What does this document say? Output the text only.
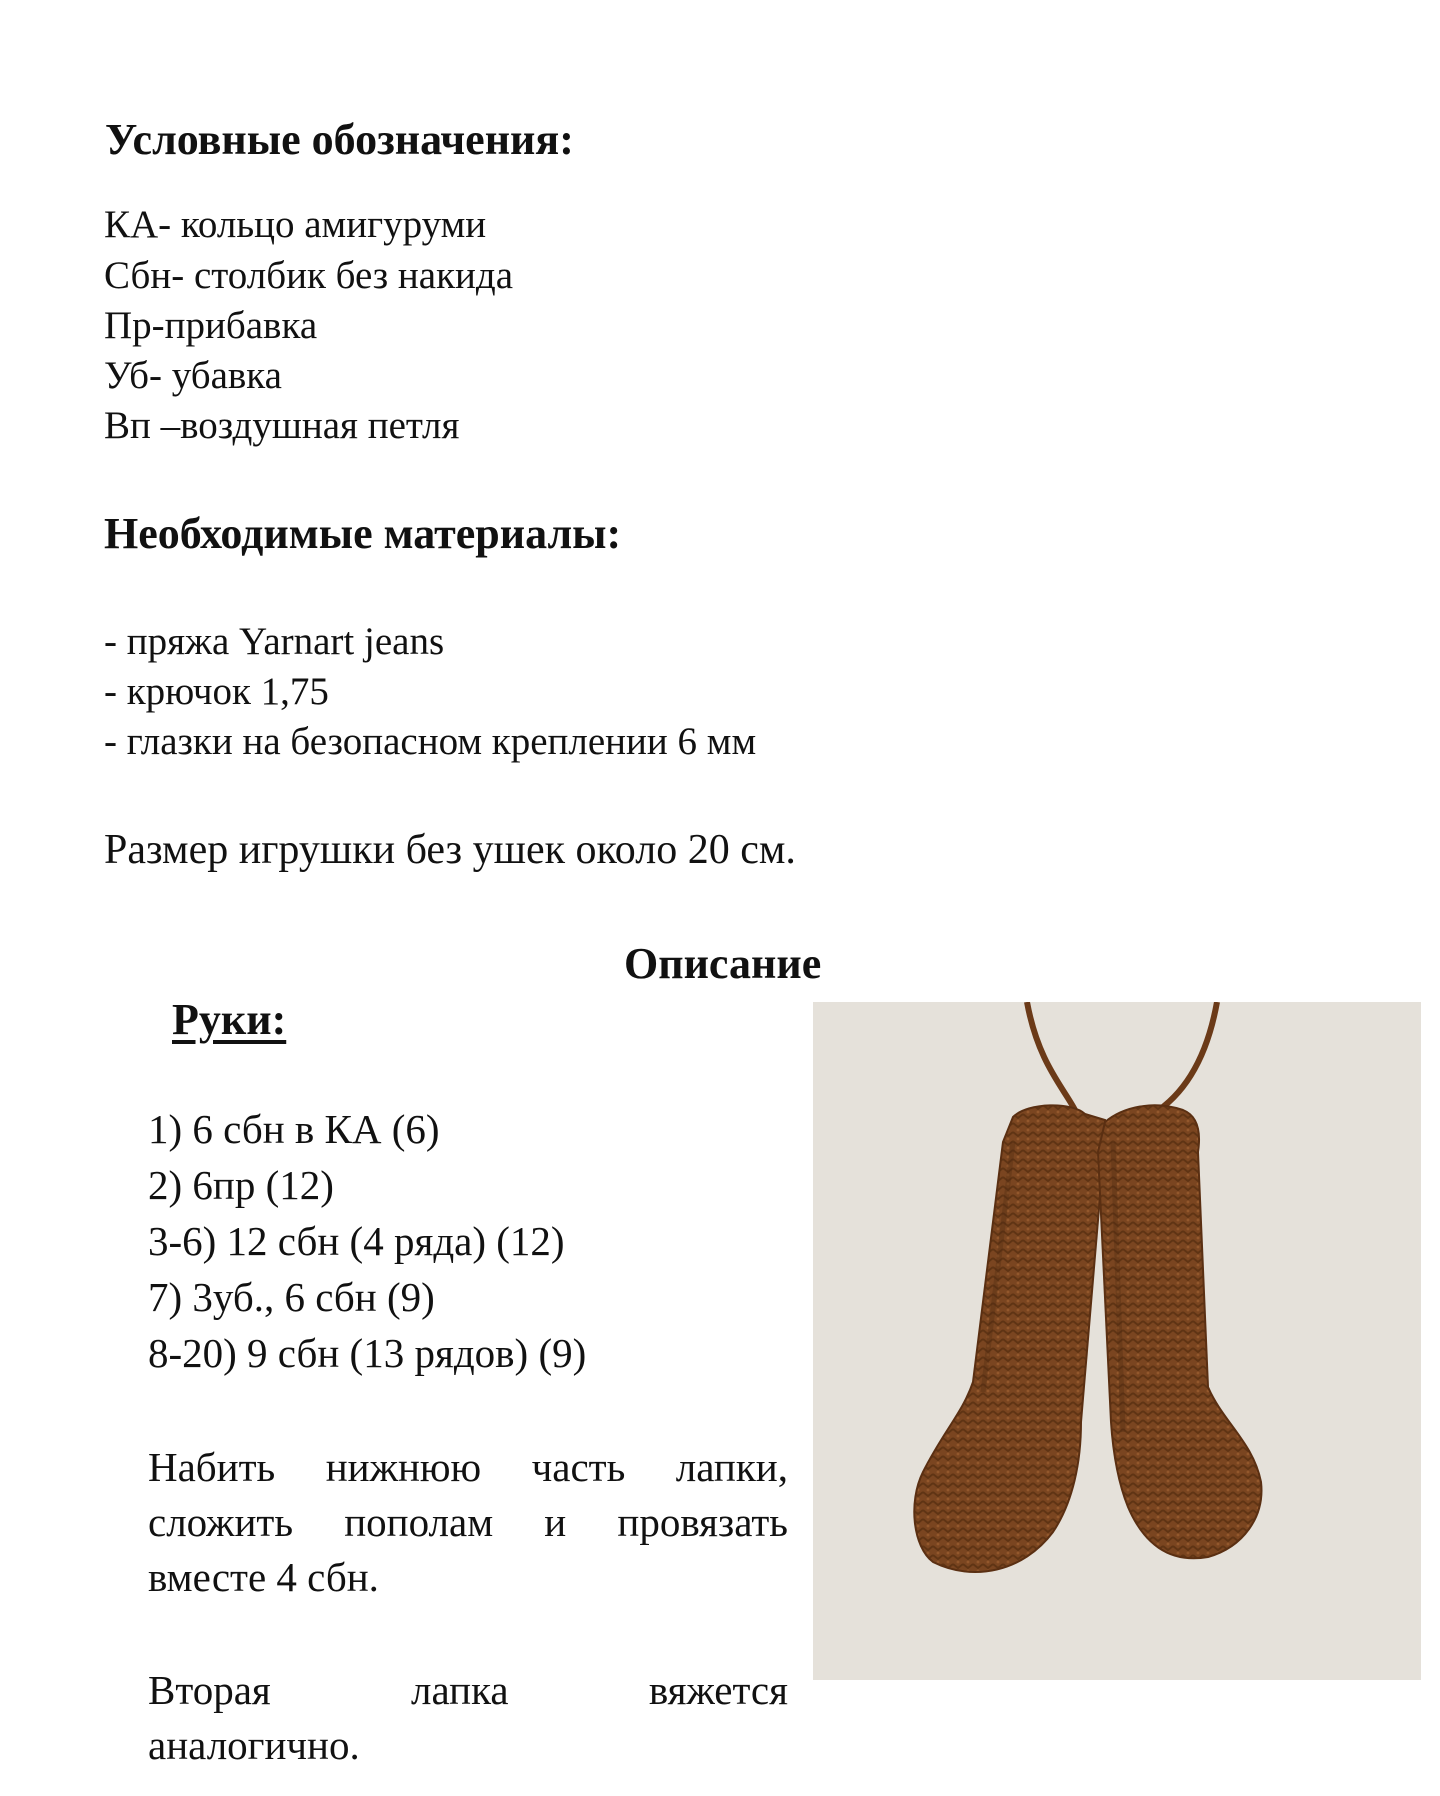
Условные обозначения:
КА- кольцо амигуруми
Сбн- столбик без накида
Пр-прибавка
Уб- убавка
Вп –воздушная петля
Необходимые материалы:
- пряжа Yarnart jeans
- крючок 1,75
- глазки на безопасном креплении 6 мм
Размер игрушки без ушек около 20 см.
Описание
Руки:
1) 6 сбн в КА (6)
2) 6пр (12)
3-6) 12 сбн (4 ряда) (12)
7) 3уб., 6 сбн (9)
8-20) 9 сбн (13 рядов) (9)
Набить нижнюю часть лапки,
сложить пополам и провязать
вместе 4 сбн.
Вторая	лапка	вяжется
аналогично.
